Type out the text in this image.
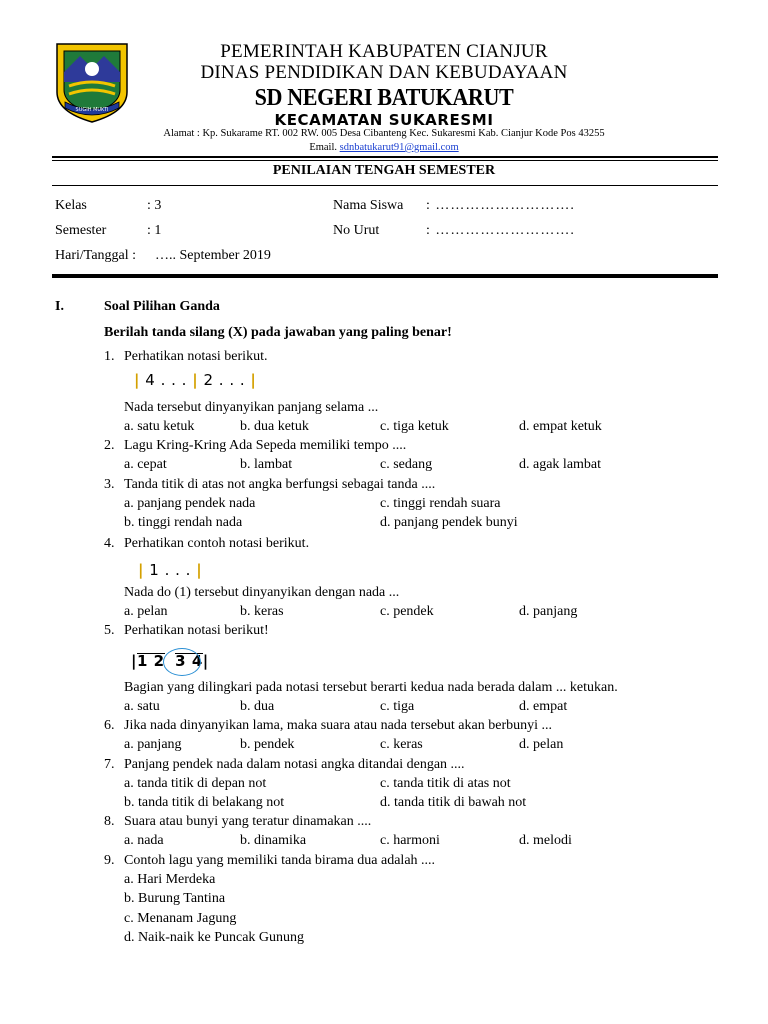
SUGIH MUKTI
PEMERINTAH KABUPATEN CIANJUR
DINAS PENDIDIKAN DAN KEBUDAYAAN
SD NEGERI BATUKARUT
KECAMATAN SUKARESMI
Alamat : Kp. Sukarame RT. 002 RW. 005 Desa Cibanteng Kec. Sukaresmi Kab. Cianjur Kode Pos 43255
Email. sdnbatukarut91@gmail.com
PENILAIAN TENGAH SEMESTER
Kelas	: 3	Nama Siswa : ……………………….
Semester	: 1	No Urut	: ……………………….
Hari/Tanggal : ….. September 2019
I.	Soal Pilihan Ganda
Berilah tanda silang (X) pada jawaban yang paling benar!
1. Perhatikan notasi berikut.
| 4 . . . | 2 . . . |
Nada tersebut dinyanyikan panjang selama ...
a. satu ketuk	b. dua ketuk	c. tiga ketuk	d. empat ketuk
2. Lagu Kring-Kring Ada Sepeda memiliki tempo ....
a. cepat	b. lambat	c. sedang	d. agak lambat
3. Tanda titik di atas not angka berfungsi sebagai tanda ....
a. panjang pendek nada	c. tinggi rendah suara
b. tinggi rendah nada	d. panjang pendek bunyi
4. Perhatikan contoh notasi berikut.
| 1 . . . |
Nada do (1) tersebut dinyanyikan dengan nada ...
a. pelan	b. keras	c. pendek	d. panjang
5. Perhatikan notasi berikut!
|1 2 3 4|
Bagian yang dilingkari pada notasi tersebut berarti kedua nada berada dalam ... ketukan.
a. satu	b. dua	c. tiga	d. empat
6. Jika nada dinyanyikan lama, maka suara atau nada tersebut akan berbunyi ...
a. panjang	b. pendek	c. keras	d. pelan
7. Panjang pendek nada dalam notasi angka ditandai dengan ....
a. tanda titik di depan not	c. tanda titik di atas not
b. tanda titik di belakang not	d. tanda titik di bawah not
8. Suara atau bunyi yang teratur dinamakan ....
a. nada	b. dinamika	c. harmoni	d. melodi
9. Contoh lagu yang memiliki tanda birama dua adalah ....
a. Hari Merdeka
b. Burung Tantina
c. Menanam Jagung
d. Naik-naik ke Puncak Gunung
